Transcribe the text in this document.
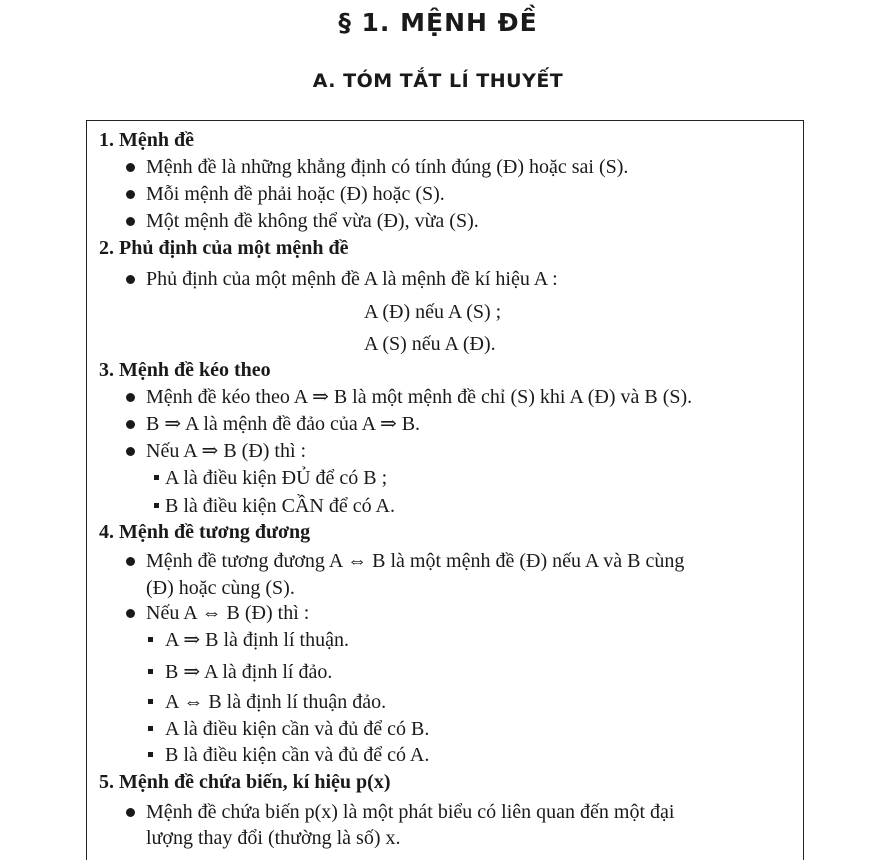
§ 1. MỆNH ĐỀ
A. TÓM TẮT LÍ THUYẾT
1. Mệnh đề
Mệnh đề là những khẳng định có tính đúng (Đ) hoặc sai (S).
Mỗi mệnh đề phải hoặc (Đ) hoặc (S).
Một mệnh đề không thể vừa (Đ), vừa (S).
2. Phủ định của một mệnh đề
Phủ định của một mệnh đề A là mệnh đề kí hiệu A :
A (Đ) nếu A (S) ;
A (S) nếu A (Đ).
3. Mệnh đề kéo theo
Mệnh đề kéo theo A ⇒ B là một mệnh đề chỉ (S) khi A (Đ) và B (S).
B ⇒ A là mệnh đề đảo của A ⇒ B.
Nếu A ⇒ B (Đ) thì :
A là điều kiện ĐỦ để có B ;
B là điều kiện CẦN để có A.
4. Mệnh đề tương đương
Mệnh đề tương đương A ⇔ B là một mệnh đề (Đ) nếu A và B cùng
(Đ) hoặc cùng (S).
Nếu A ⇔ B (Đ) thì :
A ⇒ B là định lí thuận.
B ⇒ A là định lí đảo.
A ⇔ B là định lí thuận đảo.
A là điều kiện cần và đủ để có B.
B là điều kiện cần và đủ để có A.
5. Mệnh đề chứa biến, kí hiệu p(x)
Mệnh đề chứa biến p(x) là một phát biểu có liên quan đến một đại
lượng thay đổi (thường là số) x.
